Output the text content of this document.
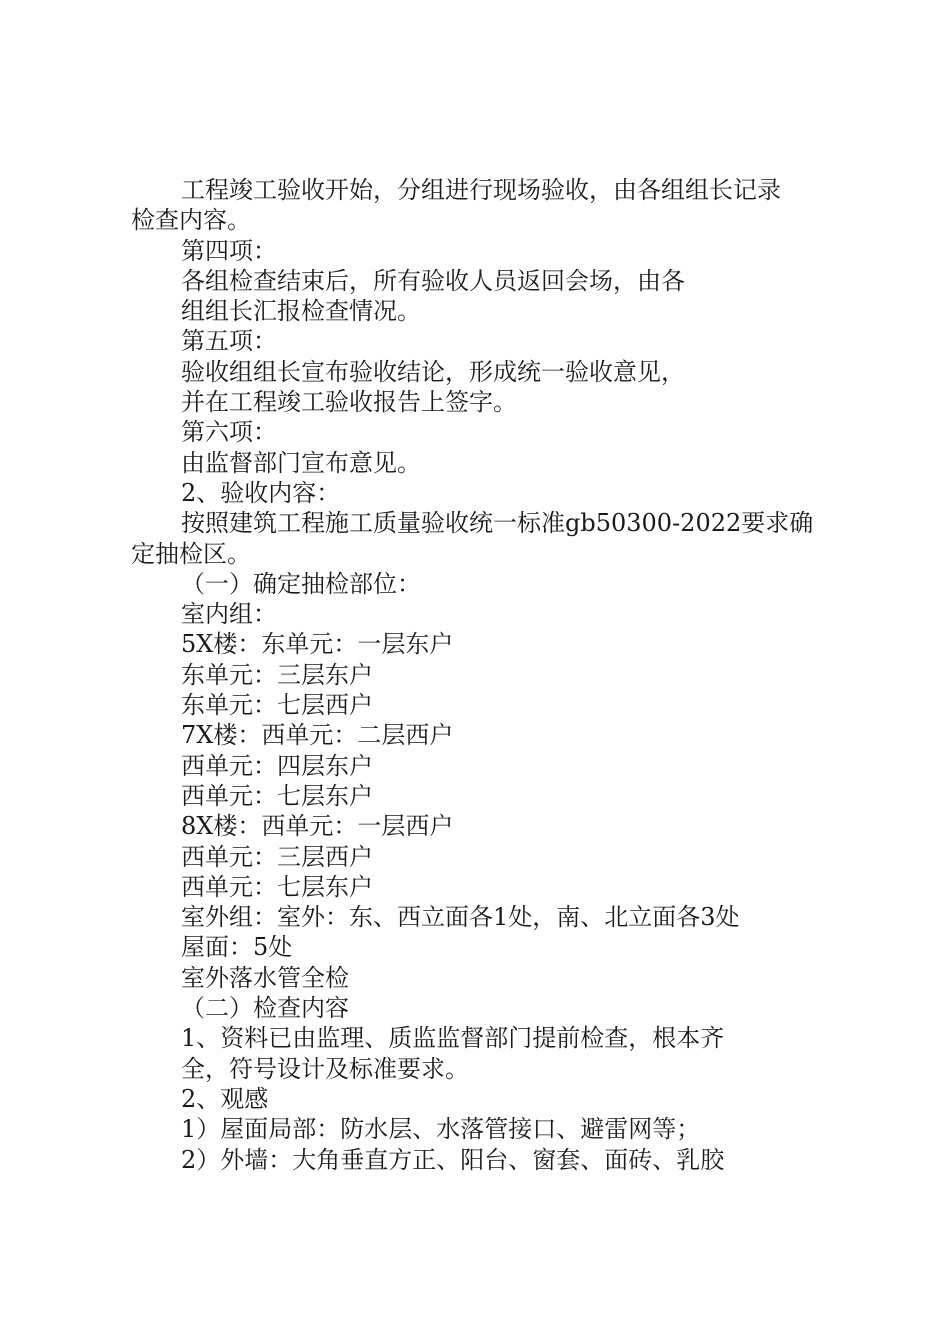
工程竣工验收开始，分组进行现场验收，由各组组长记录
检查内容。
第四项：
各组检查结束后，所有验收人员返回会场，由各
组组长汇报检查情况。
第五项：
验收组组长宣布验收结论，形成统一验收意见，
并在工程竣工验收报告上签字。
第六项：
由监督部门宣布意见。
2、验收内容：
按照建筑工程施工质量验收统一标准gb50300-2022要求确
定抽检区。
（一）确定抽检部位：
室内组：
5X楼：东单元：一层东户
东单元：三层东户
东单元：七层西户
7X楼：西单元：二层西户
西单元：四层东户
西单元：七层东户
8X楼：西单元：一层西户
西单元：三层西户
西单元：七层东户
室外组：室外：东、西立面各1处，南、北立面各3处
屋面：5处
室外落水管全检
（二）检查内容
1、资料已由监理、质监监督部门提前检查，根本齐
全，符号设计及标准要求。
2、观感
1）屋面局部：防水层、水落管接口、避雷网等；
2）外墙：大角垂直方正、阳台、窗套、面砖、乳胶
